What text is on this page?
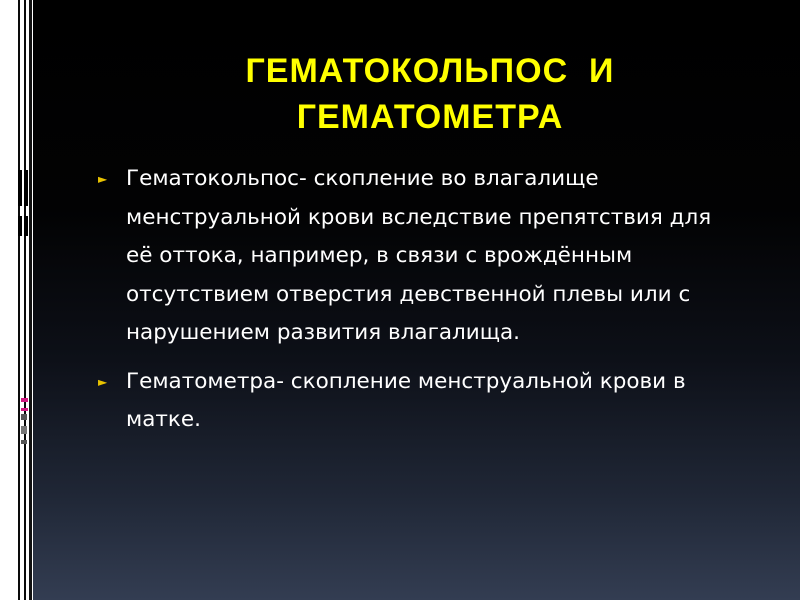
ГЕМАТОКОЛЬПОС  И
ГЕМАТОМЕТРА
► Гематокольпос- скопление во влагалище менструальной крови вследствие препятствия для её оттока, например, в связи с врождённым отсутствием отверстия девственной плевы или с нарушением развития влагалища.
► Гематометра- скопление менструальной крови в матке.
